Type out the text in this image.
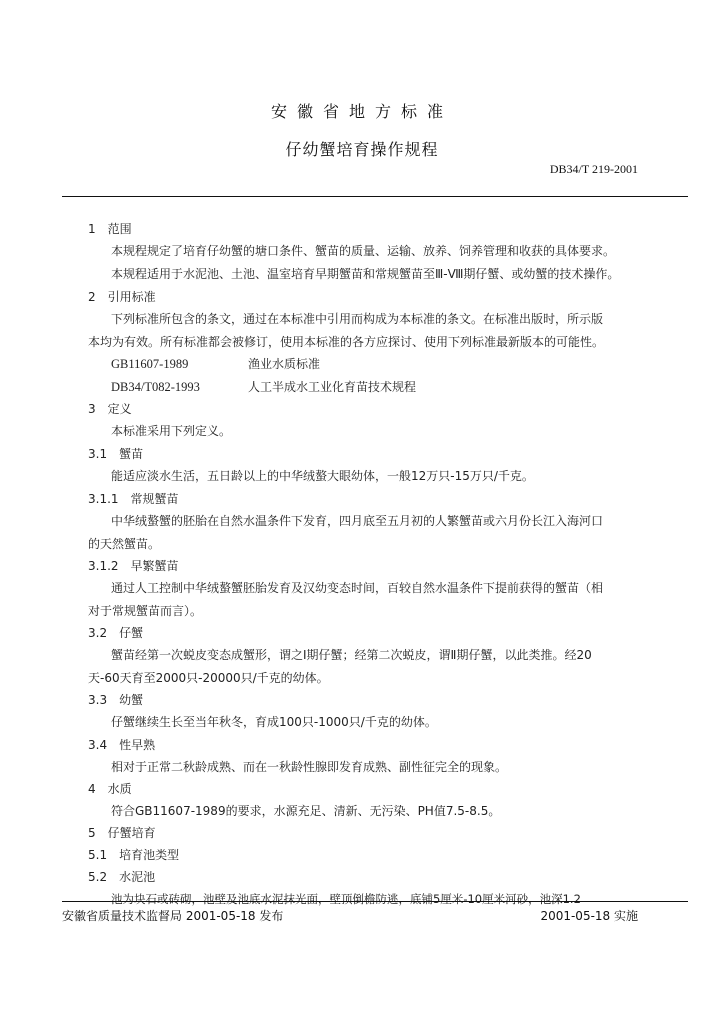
安徽省地方标准
仔幼蟹培育操作规程
DB34/T 219-2001
1　范围
本规程规定了培育仔幼蟹的塘口条件、蟹苗的质量、运输、放养、饲养管理和收获的具体要求。
本规程适用于水泥池、土池、温室培育早期蟹苗和常规蟹苗至Ⅲ-Ⅷ期仔蟹、或幼蟹的技术操作。
2　引用标准
下列标准所包含的条文，通过在本标准中引用而构成为本标准的条文。在标准出版时，所示版
本均为有效。所有标准都会被修订，使用本标准的各方应探讨、使用下列标准最新版本的可能性。
GB11607-1989	渔业水质标准
DB34/T082-1993	人工半成水工业化育苗技术规程
3　定义
本标准采用下列定义。
3.1　蟹苗
能适应淡水生活，五日龄以上的中华绒螯大眼幼体，一般12万只-15万只/千克。
3.1.1　常规蟹苗
中华绒螯蟹的胚胎在自然水温条件下发育，四月底至五月初的人繁蟹苗或六月份长江入海河口
的天然蟹苗。
3.1.2　早繁蟹苗
通过人工控制中华绒螯蟹胚胎发育及汉幼变态时间，百较自然水温条件下提前获得的蟹苗（相
对于常规蟹苗而言）。
3.2　仔蟹
蟹苗经第一次蜕皮变态成蟹形，谓之Ⅰ期仔蟹；经第二次蜕皮，谓Ⅱ期仔蟹，以此类推。经20
天-60天育至2000只-20000只/千克的幼体。
3.3　幼蟹
仔蟹继续生长至当年秋冬，育成100只-1000只/千克的幼体。
3.4　性早熟
相对于正常二秋龄成熟、而在一秋龄性腺即发育成熟、副性征完全的现象。
4　水质
符合GB11607-1989的要求，水源充足、清新、无污染、PH值7.5-8.5。
5　仔蟹培育
5.1　培育池类型
5.2　水泥池
池为块石或砖砌，池壁及池底水泥抹光面，壁顶倒檐防逃，底铺5厘米-10厘米河砂，池深1.2
安徽省质量技术监督局 2001-05-18 发布	2001-05-18 实施
